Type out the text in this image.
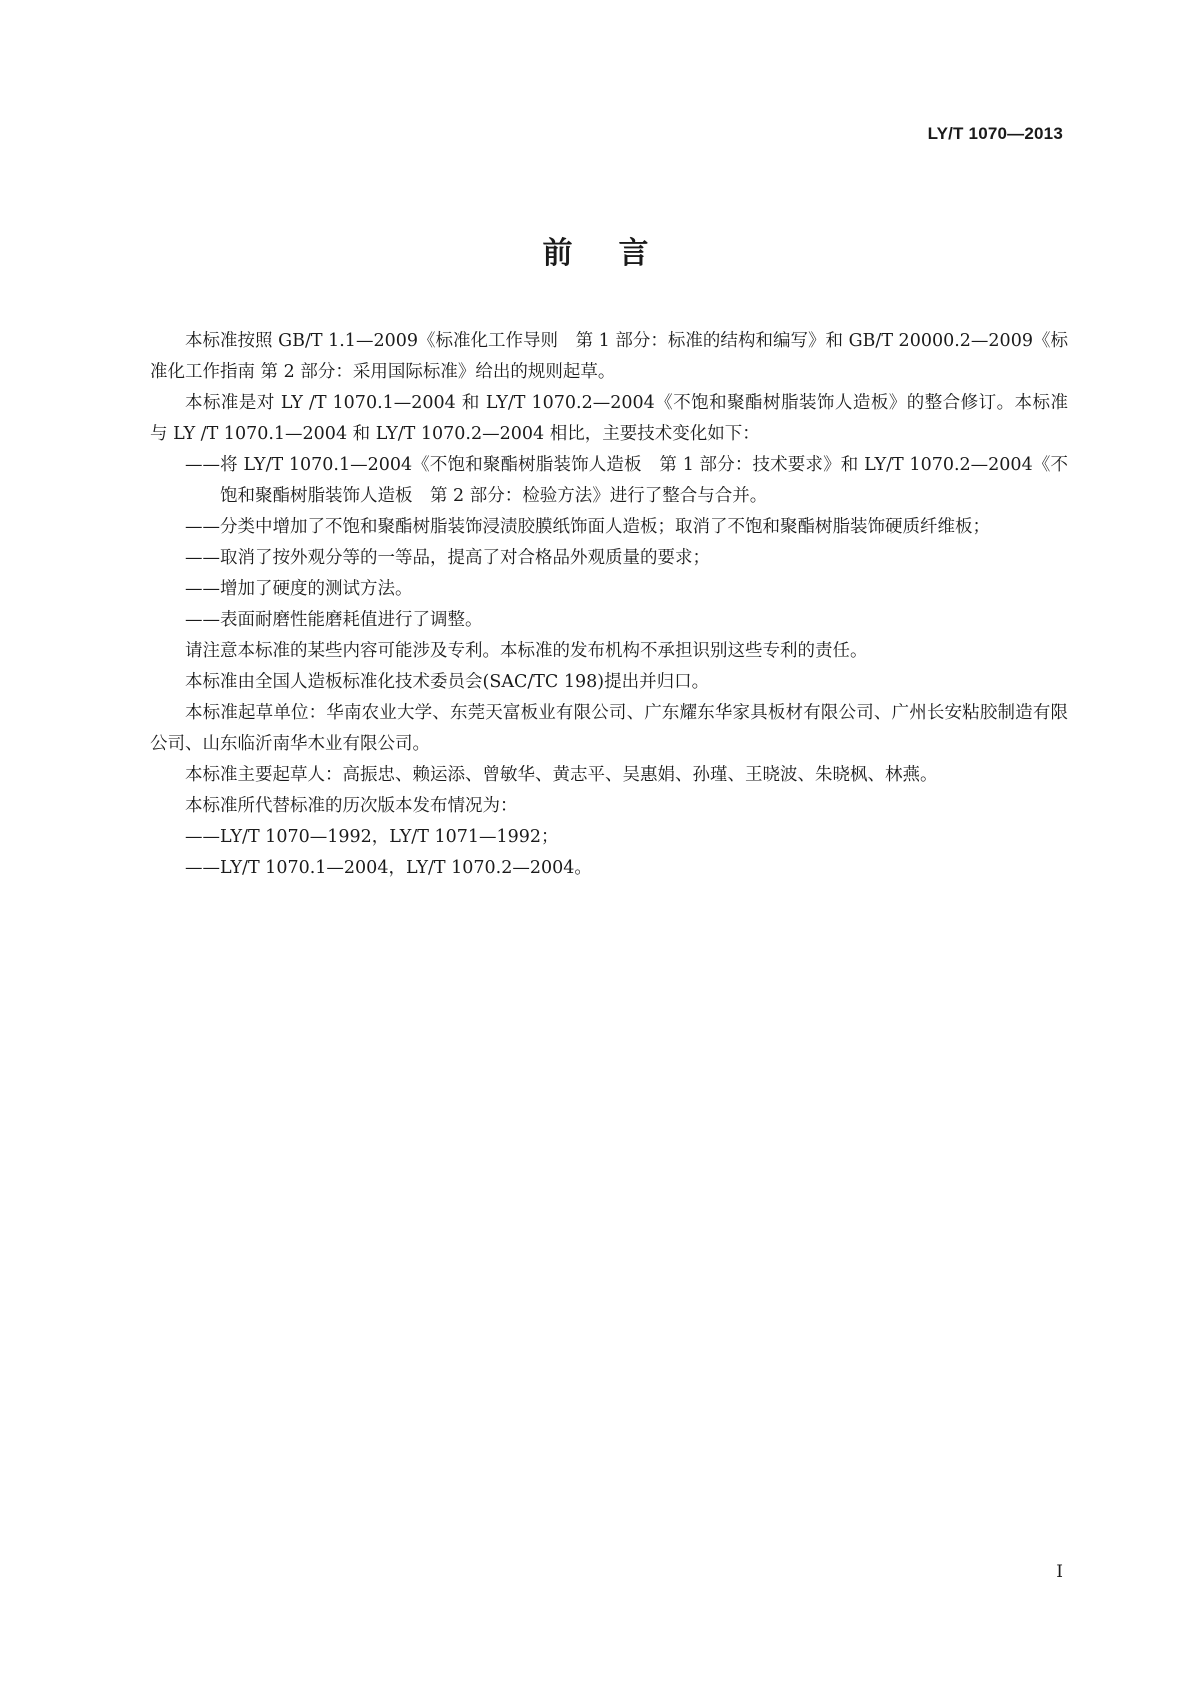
LY/T 1070—2013
前言

本标准按照 GB/T 1.1—2009《标准化工作导则　第 1 部分：标准的结构和编写》和 GB/T 20000.2—2009《标准化工作指南 第 2 部分：采用国际标准》给出的规则起草。

本标准是对 LY /T 1070.1—2004 和 LY/T 1070.2—2004《不饱和聚酯树脂装饰人造板》的整合修订。本标准与 LY /T 1070.1—2004 和 LY/T 1070.2—2004 相比，主要技术变化如下：

——将 LY/T 1070.1—2004《不饱和聚酯树脂装饰人造板　第 1 部分：技术要求》和 LY/T 1070.2—2004《不饱和聚酯树脂装饰人造板　第 2 部分：检验方法》进行了整合与合并。

——分类中增加了不饱和聚酯树脂装饰浸渍胶膜纸饰面人造板；取消了不饱和聚酯树脂装饰硬质纤维板；

——取消了按外观分等的一等品，提高了对合格品外观质量的要求；

——增加了硬度的测试方法。

——表面耐磨性能磨耗值进行了调整。

请注意本标准的某些内容可能涉及专利。本标准的发布机构不承担识别这些专利的责任。

本标准由全国人造板标准化技术委员会(SAC/TC 198)提出并归口。

本标准起草单位：华南农业大学、东莞天富板业有限公司、广东耀东华家具板材有限公司、广州长安粘胶制造有限公司、山东临沂南华木业有限公司。

本标准主要起草人：高振忠、赖运添、曾敏华、黄志平、吴惠娟、孙瑾、王晓波、朱晓枫、林燕。

本标准所代替标准的历次版本发布情况为：

——LY/T 1070—1992，LY/T 1071—1992；

——LY/T 1070.1—2004，LY/T 1070.2—2004。

I
